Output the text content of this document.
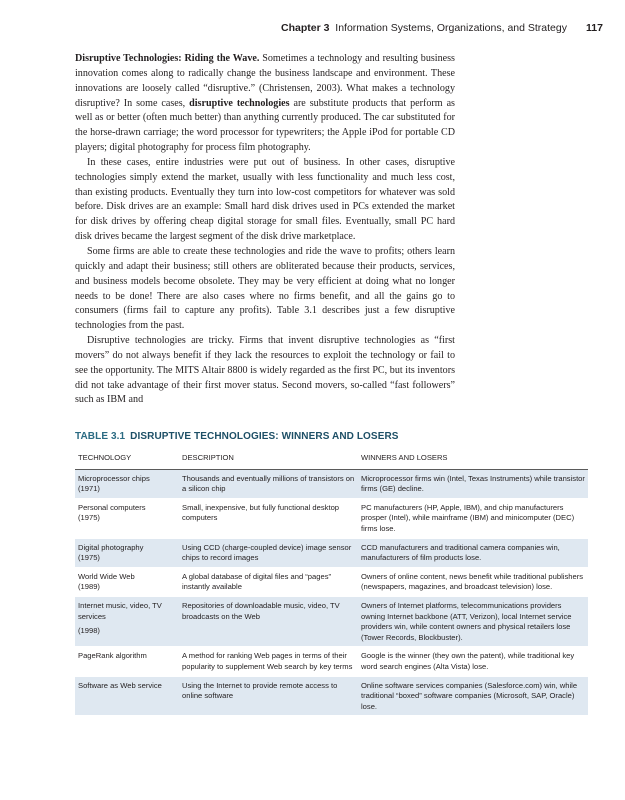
Chapter 3 Information Systems, Organizations, and Strategy 117

Disruptive Technologies: Riding the Wave. Sometimes a technology and resulting business innovation comes along to radically change the business landscape and environment. These innovations are loosely called “disruptive.” (Christensen, 2003). What makes a technology disruptive? In some cases, disruptive technologies are substitute products that perform as well as or better (often much better) than anything currently produced. The car substituted for the horse-drawn carriage; the word processor for typewriters; the Apple iPod for portable CD players; digital photography for process film photography.

In these cases, entire industries were put out of business. In other cases, disruptive technologies simply extend the market, usually with less functionality and much less cost, than existing products. Eventually they turn into low-cost competitors for whatever was sold before. Disk drives are an example: Small hard disk drives used in PCs extended the market for disk drives by offering cheap digital storage for small files. Eventually, small PC hard disk drives became the largest segment of the disk drive marketplace.

Some firms are able to create these technologies and ride the wave to profits; others learn quickly and adapt their business; still others are obliterated because their products, services, and business models become obsolete. They may be very efficient at doing what no longer needs to be done! There are also cases where no firms benefit, and all the gains go to consumers (firms fail to capture any profits). Table 3.1 describes just a few disruptive technologies from the past.

Disruptive technologies are tricky. Firms that invent disruptive technologies as “first movers” do not always benefit if they lack the resources to exploit the technology or fail to see the opportunity. The MITS Altair 8800 is widely regarded as the first PC, but its inventors did not take advantage of their first mover status. Second movers, so-called “fast followers” such as IBM and

TABLE 3.1 DISRUPTIVE TECHNOLOGIES: WINNERS AND LOSERS
TECHNOLOGY	DESCRIPTION	WINNERS AND LOSERS
Microprocessor chips
(1971)	Thousands and eventually millions of transistors on a silicon chip	Microprocessor firms win (Intel, Texas Instruments) while transistor firms (GE) decline.
Personal computers
(1975)	Small, inexpensive, but fully functional desktop computers	PC manufacturers (HP, Apple, IBM), and chip manufacturers prosper (Intel), while mainframe (IBM) and minicomputer (DEC) firms lose.
Digital photography
(1975)	Using CCD (charge-coupled device) image sensor chips to record images	CCD manufacturers and traditional camera companies win, manufacturers of film products lose.
World Wide Web
(1989)	A global database of digital files and “pages” instantly available	Owners of online content, news benefit while traditional publishers (newspapers, magazines, and broadcast television) lose.
Internet music, video, TV services
(1998)	Repositories of downloadable music, video, TV broadcasts on the Web	Owners of Internet platforms, telecommunications providers owning Internet backbone (ATT, Verizon), local Internet service providers win, while content owners and physical retailers lose (Tower Records, Blockbuster).
PageRank algorithm	A method for ranking Web pages in terms of their popularity to supplement Web search by key terms	Google is the winner (they own the patent), while traditional key word search engines (Alta Vista) lose.
Software as Web service	Using the Internet to provide remote access to online software	Online software services companies (Salesforce.com) win, while traditional “boxed” software companies (Microsoft, SAP, Oracle) lose.
